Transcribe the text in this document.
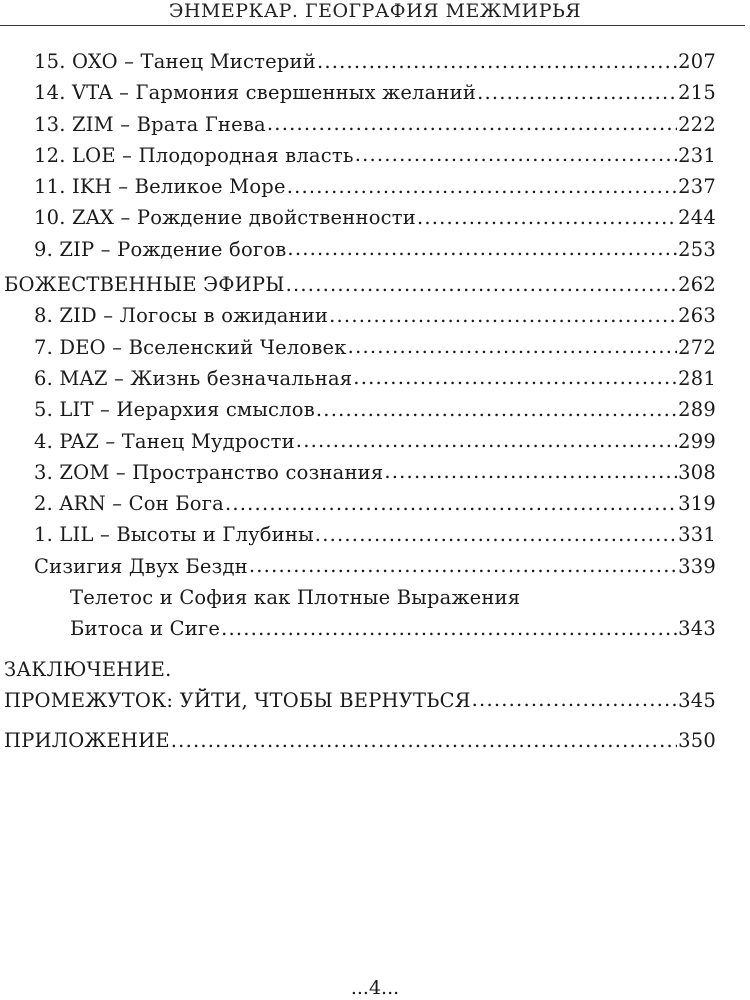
ЭНМЕРКАР. ГЕОГРАФИЯ МЕЖМИРЬЯ
15. OXO – Танец Мистерий .....	207
14. VTA – Гармония свершенных желаний .....	215
13. ZIM – Врата Гнева .....	222
12. LOE – Плодородная власть .....	231
11. IKH – Великое Море .....	237
10. ZAX – Рождение двойственности .....	244
9. ZIP – Рождение богов .....	253
БОЖЕСТВЕННЫЕ ЭФИРЫ .....	262
8. ZID – Логосы в ожидании .....	263
7. DEO – Вселенский Человек .....	272
6. MAZ – Жизнь безначальная .....	281
5. LIT – Иерархия смыслов .....	289
4. PAZ – Танец Мудрости .....	299
3. ZOM – Пространство сознания .....	308
2. ARN – Сон Бога .....	319
1. LIL – Высоты и Глубины .....	331
Сизигия Двух Бездн .....	339
Телетос и София как Плотные Выражения
Битоса и Сиге .....	343
ЗАКЛЮЧЕНИЕ.
ПРОМЕЖУТОК: УЙТИ, ЧТОБЫ ВЕРНУТЬСЯ .....	345
ПРИЛОЖЕНИЕ .....	350
...4...
